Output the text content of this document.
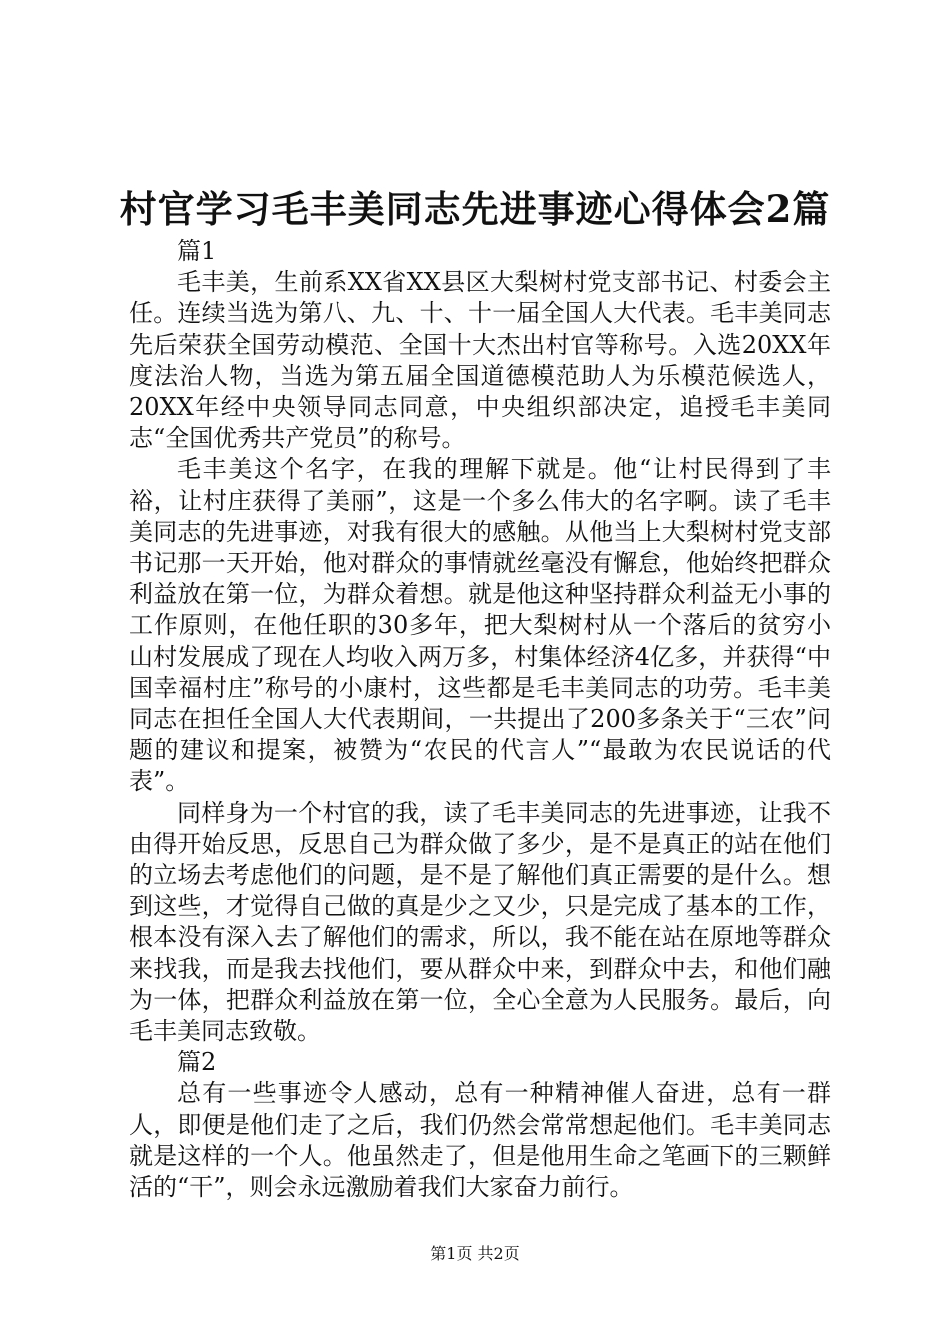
村官学习毛丰美同志先进事迹心得体会2篇

篇1

毛丰美，生前系XX省XX县区大梨树村党支部书记、村委会主任。连续当选为第八、九、十、十一届全国人大代表。毛丰美同志先后荣获全国劳动模范、全国十大杰出村官等称号。入选20XX年度法治人物，当选为第五届全国道德模范助人为乐模范候选人，20XX年经中央领导同志同意，中央组织部决定，追授毛丰美同志“全国优秀共产党员”的称号。

毛丰美这个名字，在我的理解下就是。他“让村民得到了丰裕，让村庄获得了美丽”，这是一个多么伟大的名字啊。读了毛丰美同志的先进事迹，对我有很大的感触。从他当上大梨树村党支部书记那一天开始，他对群众的事情就丝毫没有懈怠，他始终把群众利益放在第一位，为群众着想。就是他这种坚持群众利益无小事的工作原则，在他任职的30多年，把大梨树村从一个落后的贫穷小山村发展成了现在人均收入两万多，村集体经济4亿多，并获得“中国幸福村庄”称号的小康村，这些都是毛丰美同志的功劳。毛丰美同志在担任全国人大代表期间，一共提出了200多条关于“三农”问题的建议和提案，被赞为“农民的代言人”“最敢为农民说话的代表”。

同样身为一个村官的我，读了毛丰美同志的先进事迹，让我不由得开始反思，反思自己为群众做了多少，是不是真正的站在他们的立场去考虑他们的问题，是不是了解他们真正需要的是什么。想到这些，才觉得自己做的真是少之又少，只是完成了基本的工作，根本没有深入去了解他们的需求，所以，我不能在站在原地等群众来找我，而是我去找他们，要从群众中来，到群众中去，和他们融为一体，把群众利益放在第一位，全心全意为人民服务。最后，向毛丰美同志致敬。

篇2

总有一些事迹令人感动，总有一种精神催人奋进，总有一群人，即便是他们走了之后，我们仍然会常常想起他们。毛丰美同志就是这样的一个人。他虽然走了，但是他用生命之笔画下的三颗鲜活的“干”，则会永远激励着我们大家奋力前行。

第1页 共2页
